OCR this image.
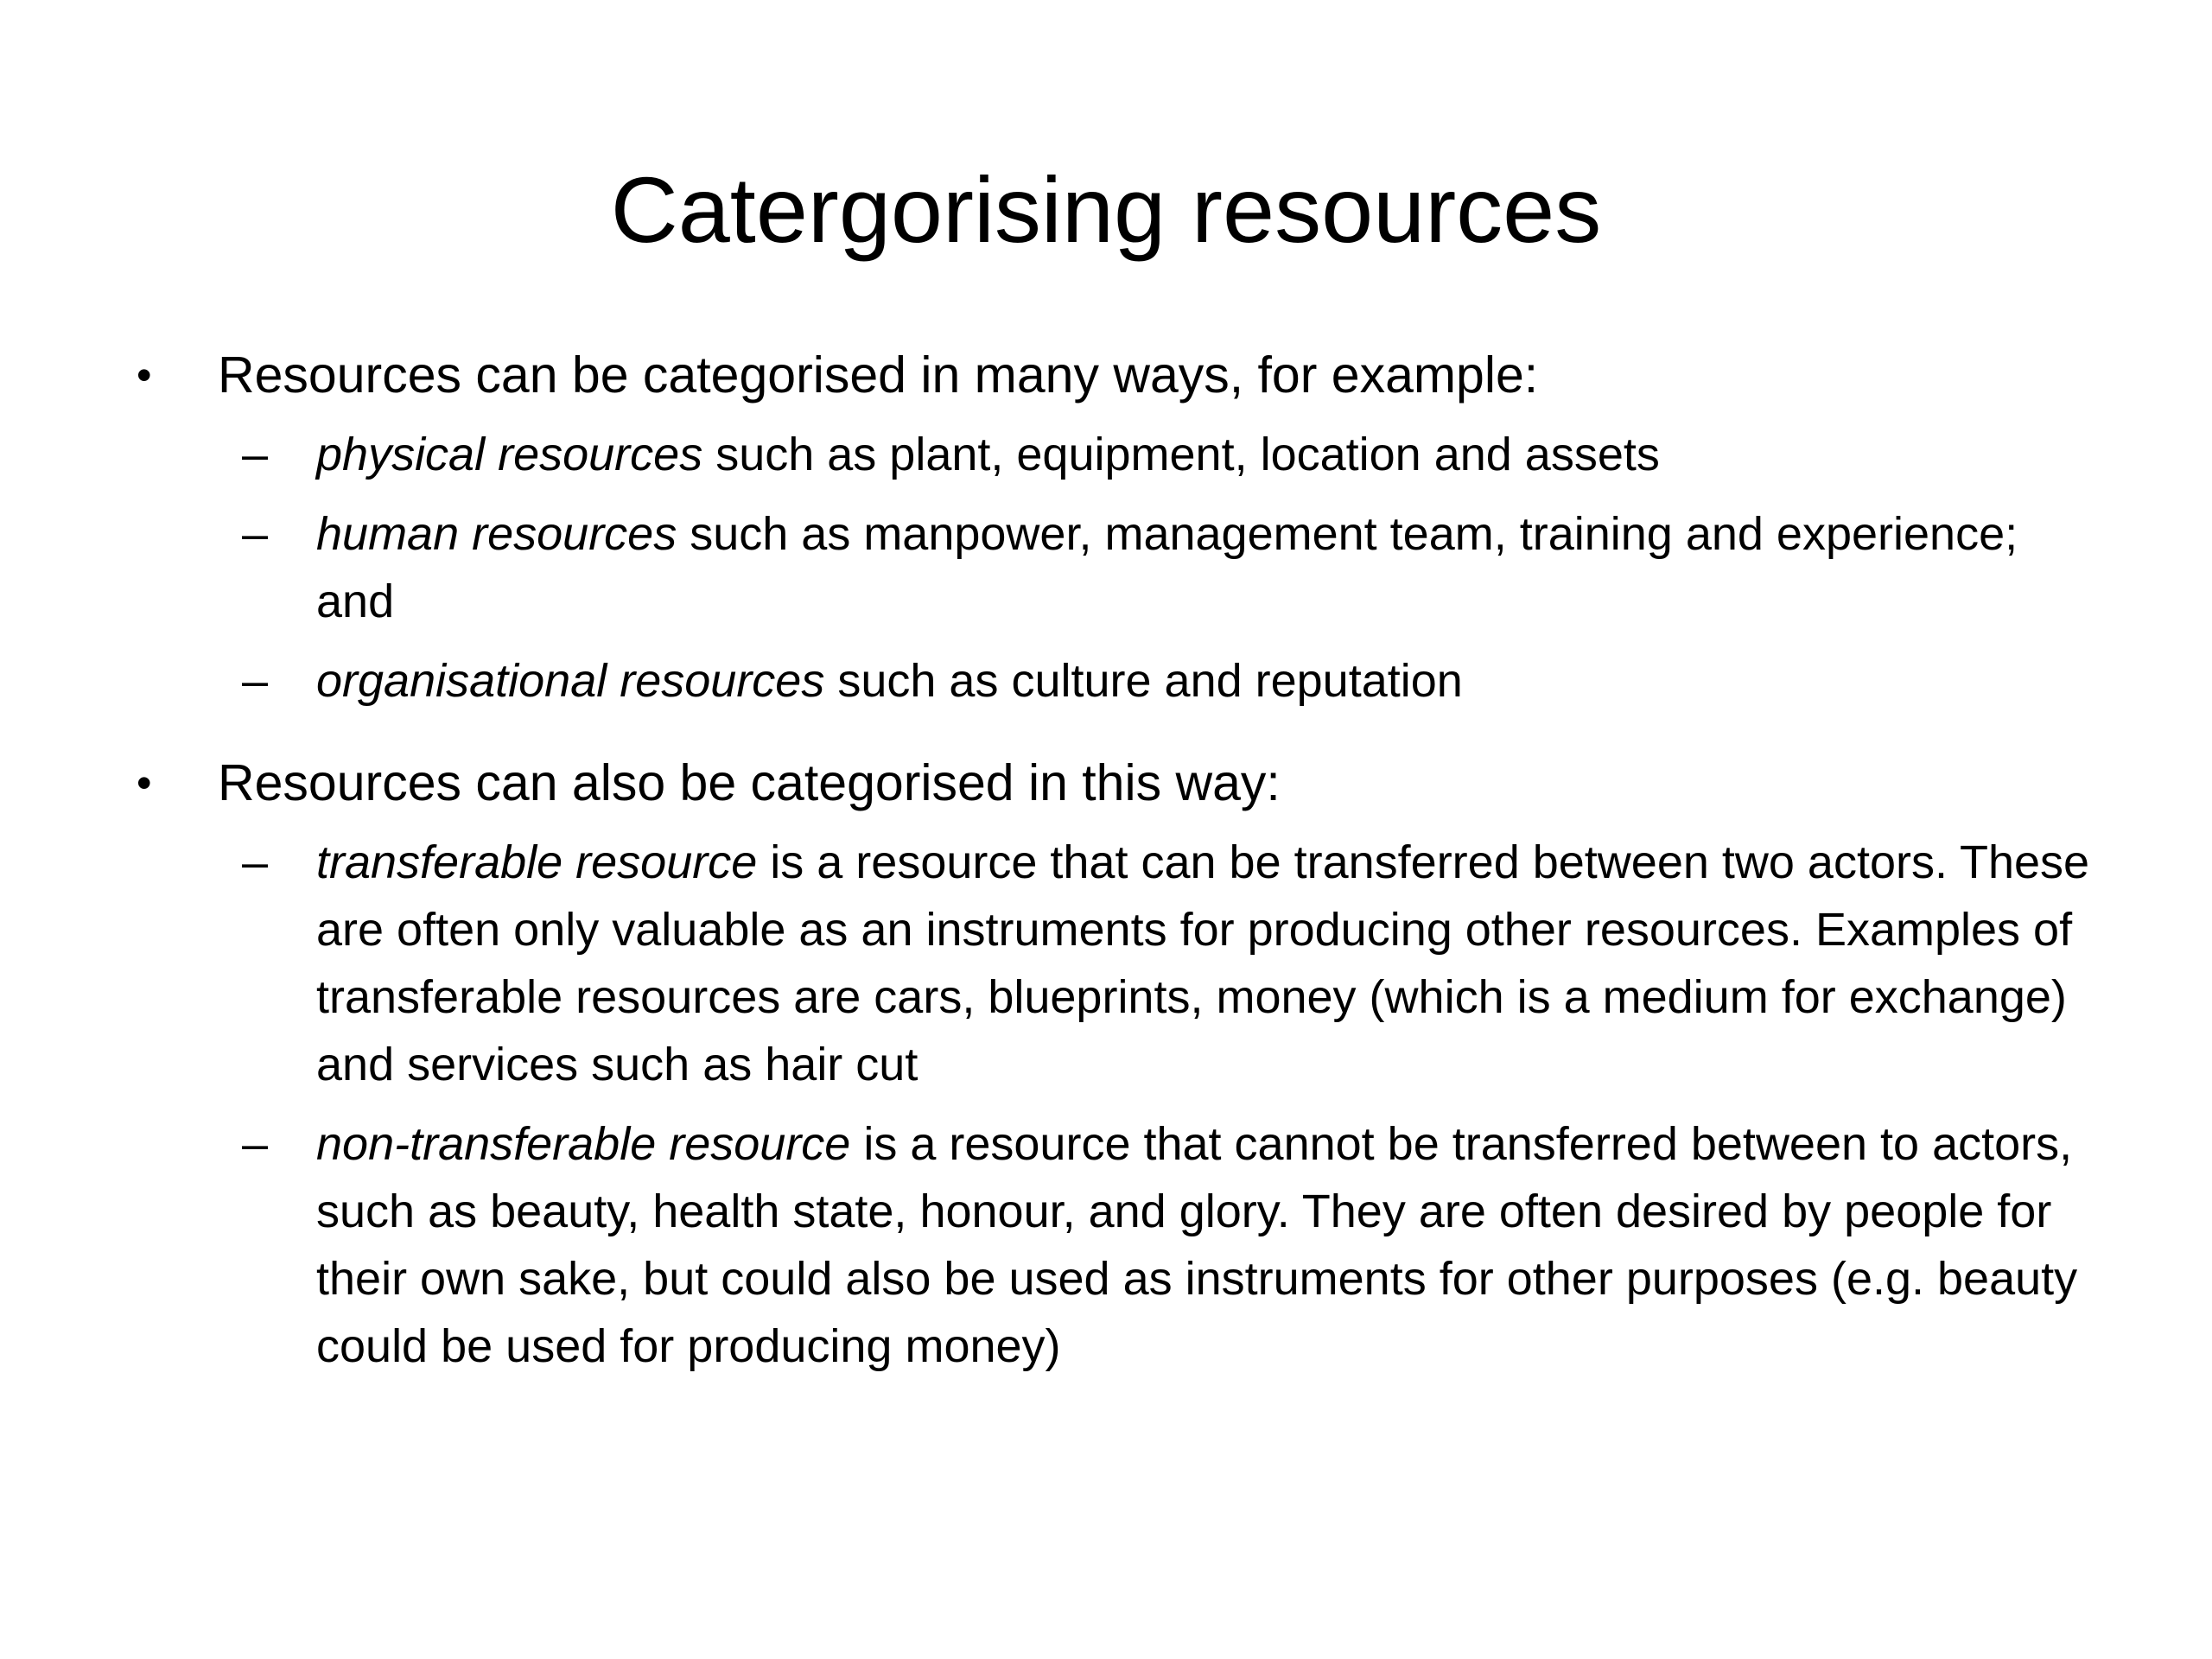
Catergorising resources
• Resources can be categorised in many ways, for example:
– physical resources such as plant, equipment, location and assets
– human resources such as manpower, management team, training and experience; and
– organisational resources such as culture and reputation
• Resources can also be categorised in this way:
– transferable resource is a resource that can be transferred between two actors. These are often only valuable as an instruments for producing other resources. Examples of transferable resources are cars, blueprints, money (which is a medium for exchange) and services such as hair cut
– non-transferable resource is a resource that cannot be transferred between to actors, such as beauty, health state, honour, and glory. They are often desired by people for their own sake, but could also be used as instruments for other purposes (e.g. beauty could be used for producing money)
